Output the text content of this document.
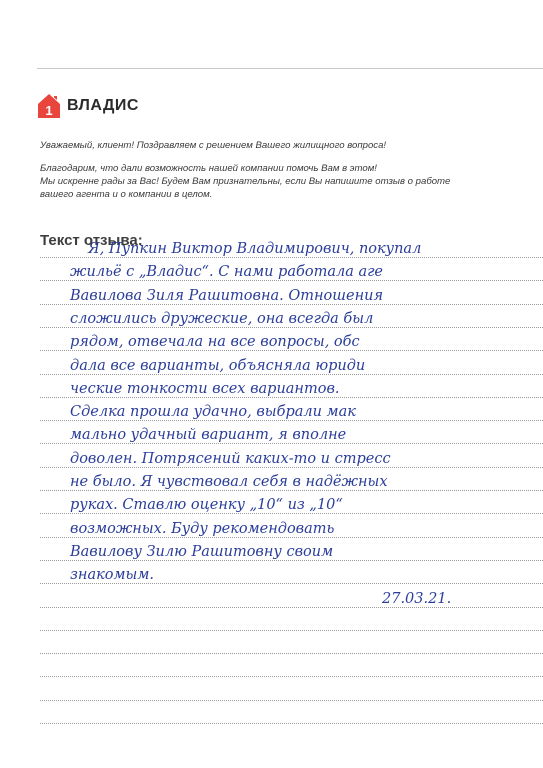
1 ВЛАДИС

Уважаемый, клиент! Поздравляем с решением Вашего жилищного вопроса!

Благодарим, что дали возможность нашей компании помочь Вам в этом!

Мы искренне рады за Вас! Будем Вам признательны, если Вы напишите отзыв о работе

вашего агента и о компании в целом.

Текст отзыва:
Я, Пупкин Виктор Владимирович, покупал
жильё с „Владис“. С нами работала аге
Вавилова Зиля Рашитовна. Отношения
сложились дружеские, она всегда был
рядом, отвечала на все вопросы, обс
дала все варианты, объясняла юриди
ческие тонкости всех вариантов.
Сделка прошла удачно, выбрали мак
мально удачный вариант, я вполне
доволен. Потрясений каких-то и стресс
не было. Я чувствовал себя в надёжных
руках. Ставлю оценку „10“ из „10“
возможных. Буду рекомендовать
Вавилову Зилю Рашитовну своим
знакомым.
27.03.21.
